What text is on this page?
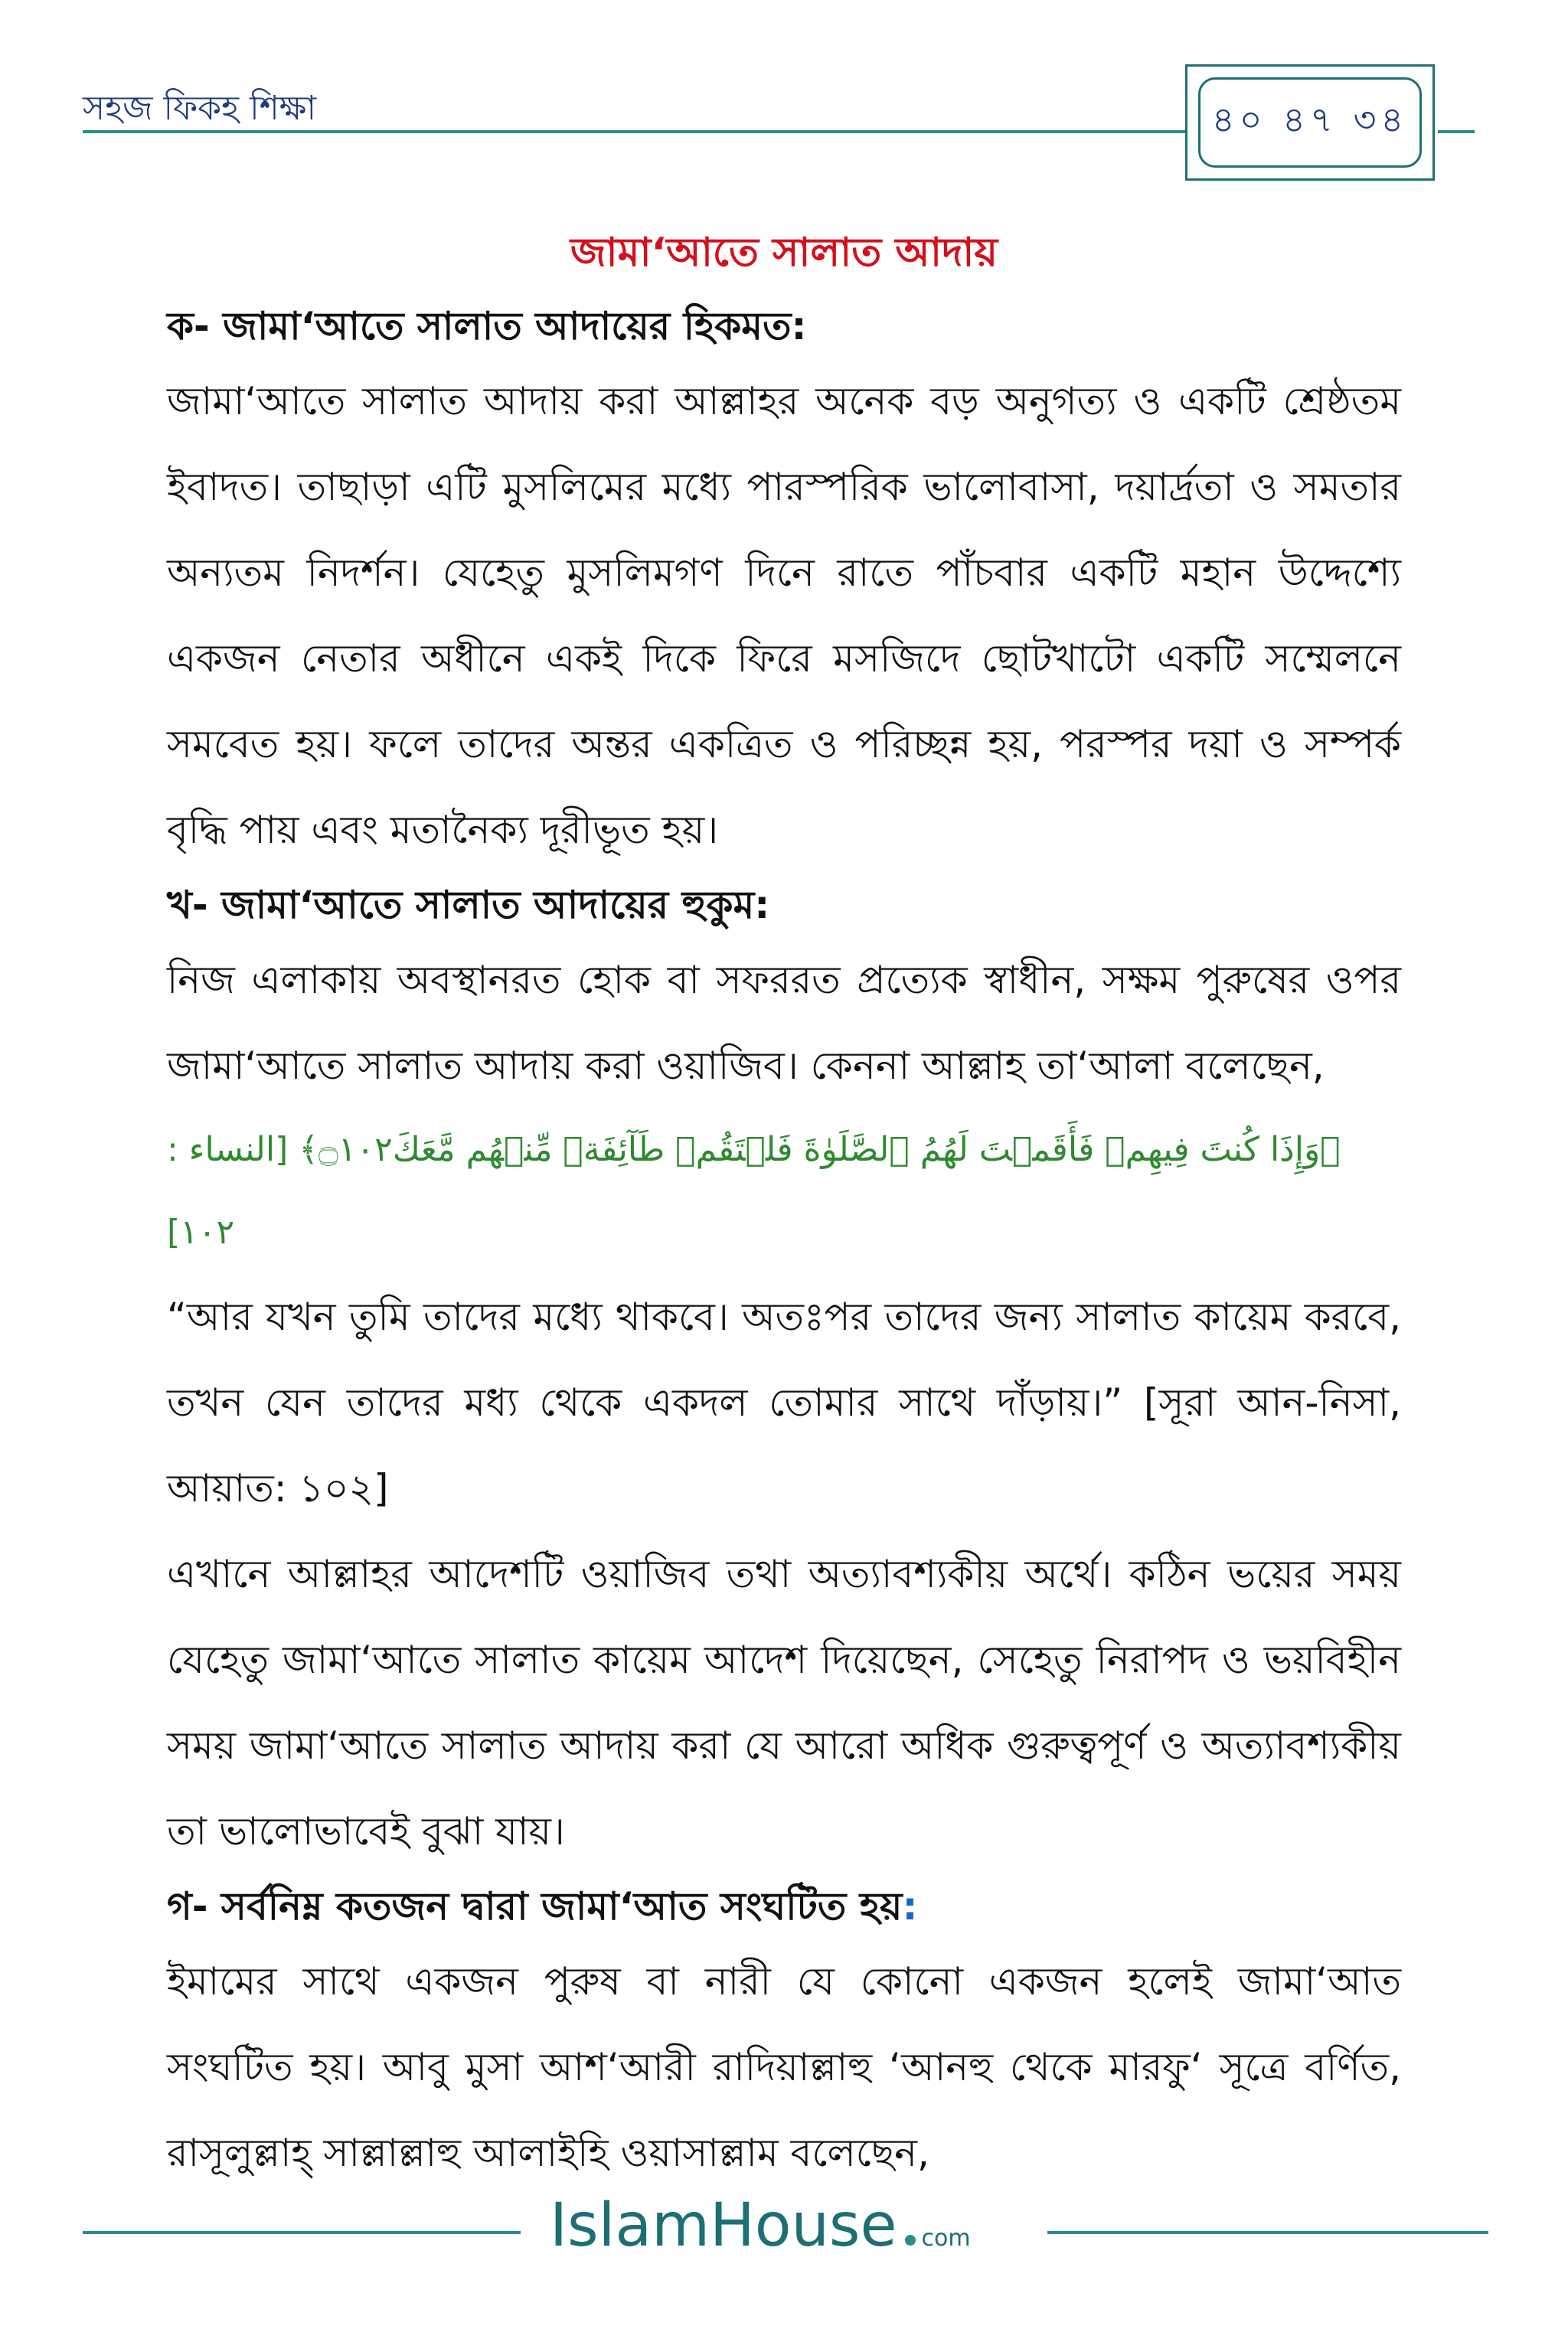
সহজ ফিকহ শিক্ষা	৪০ ৪৭ ৩৪

জামা‘আতে সালাত আদায়

ক- জামা‘আতে সালাত আদায়ের হিকমত:

জামা‘আতে সালাত আদায় করা আল্লাহর অনেক বড় অনুগত্য ও একটি শ্রেষ্ঠতম ইবাদত। তাছাড়া এটি মুসলিমের মধ্যে পারস্পরিক ভালোবাসা, দয়ার্দ্রতা ও সমতার অন্যতম নিদর্শন। যেহেতু মুসলিমগণ দিনে রাতে পাঁচবার একটি মহান উদ্দেশ্যে একজন নেতার অধীনে একই দিকে ফিরে মসজিদে ছোটখাটো একটি সম্মেলনে সমবেত হয়। ফলে তাদের অন্তর একত্রিত ও পরিচ্ছন্ন হয়, পরস্পর দয়া ও সম্পর্ক বৃদ্ধি পায় এবং মতানৈক্য দূরীভূত হয়।

খ- জামা‘আতে সালাত আদায়ের হুকুম:

নিজ এলাকায় অবস্থানরত হোক বা সফররত প্রত্যেক স্বাধীন, সক্ষম পুরুষের ওপর জামা‘আতে সালাত আদায় করা ওয়াজিব। কেননা আল্লাহ তা‘আলা বলেছেন,

﴿وَإِذَا كُنتَ فِيهِمۡ فَأَقَمۡتَ لَهُمُ ٱلصَّلَوٰةَ فَلۡتَقُمۡ طَآئِفَةٞ مِّنۡهُم مَّعَكَ۝١٠٢﴾ [النساء : ١٠٢]

“আর যখন তুমি তাদের মধ্যে থাকবে। অতঃপর তাদের জন্য সালাত কায়েম করবে, তখন যেন তাদের মধ্য থেকে একদল তোমার সাথে দাঁড়ায়।” [সূরা আন-নিসা, আয়াত: ১০২]

এখানে আল্লাহর আদেশটি ওয়াজিব তথা অত্যাবশ্যকীয় অর্থে। কঠিন ভয়ের সময় যেহেতু জামা‘আতে সালাত কায়েম আদেশ দিয়েছেন, সেহেতু নিরাপদ ও ভয়বিহীন সময় জামা‘আতে সালাত আদায় করা যে আরো অধিক গুরুত্বপূর্ণ ও অত্যাবশ্যকীয় তা ভালোভাবেই বুঝা যায়।

গ- সর্বনিম্ন কতজন দ্বারা জামা‘আত সংঘটিত হয়:

ইমামের সাথে একজন পুরুষ বা নারী যে কোনো একজন হলেই জামা‘আত সংঘটিত হয়। আবু মুসা আশ‘আরী রাদিয়াল্লাহু ‘আনহু থেকে মারফু‘ সূত্রে বর্ণিত, রাসূলুল্লাহ্ সাল্লাল্লাহু আলাইহি ওয়াসাল্লাম বলেছেন,

IslamHouse com
